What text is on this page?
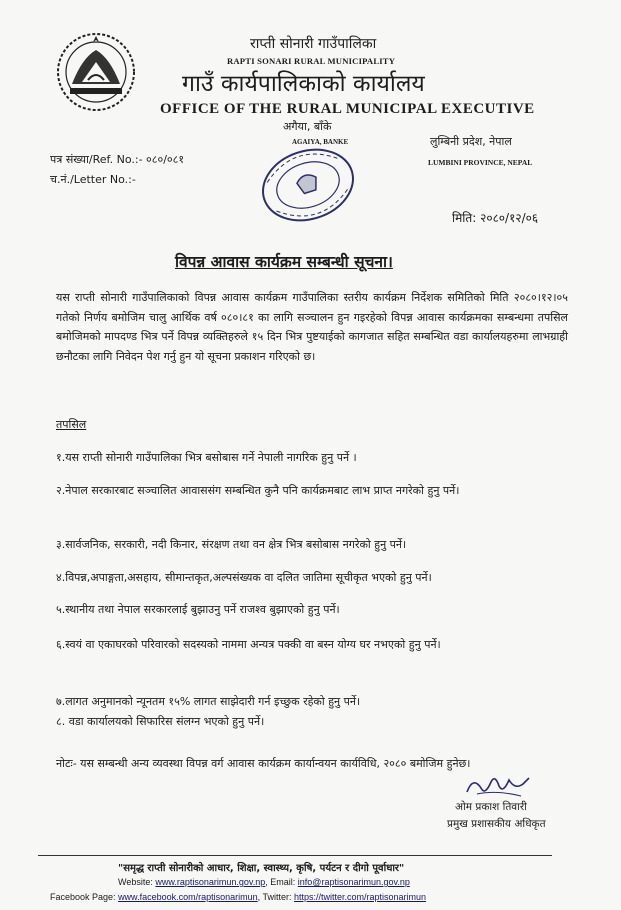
राप्ती सोनारी गाउँपालिका
RAPTI SONARI RURAL MUNICIPALITY
गाउँ कार्यपालिकाको कार्यालय
OFFICE OF THE RURAL MUNICIPAL EXECUTIVE
अगैया, बाँके
AGAIYA, BANKE	लुम्बिनी प्रदेश, नेपाल
LUMBINI PROVINCE, NEPAL
पत्र संख्या/Ref. No.:- ०८०/०८१
च.नं./Letter No.:-
मिति: २०८०/१२/०६
विपन्न आवास कार्यक्रम सम्बन्धी सूचना।
यस राप्ती सोनारी गाउँपालिकाको विपन्न आवास कार्यक्रम गाउँपालिका स्तरीय कार्यक्रम निर्देशक समितिको मिति २०८०।१२।०५ गतेको निर्णय बमोजिम चालु आर्थिक वर्ष ०८०।८१ का लागि सञ्चालन हुन गइरहेको विपन्न आवास कार्यक्रमका सम्बन्धमा तपसिल बमोजिमको मापदण्ड भित्र पर्ने विपन्न व्यक्तिहरुले १५ दिन भित्र पुष्टयाईको कागजात सहित सम्बन्धित वडा कार्यालयहरुमा लाभग्राही छनौटका लागि निवेदन पेश गर्नु हुन यो सूचना प्रकाशन गरिएको छ।
तपसिल
१.यस राप्ती सोनारी गाउँपालिका भित्र बसोबास गर्ने नेपाली नागरिक हुनु पर्ने ।
२.नेपाल सरकारबाट सञ्चालित आवाससंग सम्बन्धित कुनै पनि कार्यक्रमबाट लाभ प्राप्त नगरेको हुनु पर्ने।
३.सार्वजनिक, सरकारी, नदी किनार, संरक्षण तथा वन क्षेत्र भित्र बसोबास नगरेको हुनु पर्ने।
४.विपन्न,अपाङ्गता,असहाय, सीमान्तकृत,अल्पसंख्यक वा दलित जातिमा सूचीकृत भएको हुनु पर्ने।
५.स्थानीय तथा नेपाल सरकारलाई बुझाउनु पर्ने राजश्व बुझाएको हुनु पर्ने।
६.स्वयं वा एकाघरको परिवारको सदस्यको नाममा अन्यत्र पक्की वा बस्न योग्य घर नभएको हुनु पर्ने।
७.लागत अनुमानको न्यूनतम १५% लागत साझेदारी गर्न इच्छुक रहेको हुनु पर्ने।
८. वडा कार्यालयको सिफारिस संलग्न भएको हुनु पर्ने।
नोटः- यस सम्बन्धी अन्य व्यवस्था विपन्न वर्ग आवास कार्यक्रम कार्यान्वयन कार्यविधि, २०८० बमोजिम हुनेछ।
ओम प्रकाश तिवारी
प्रमुख प्रशासकीय अधिकृत
"समृद्ध राप्ती सोनारीको आधार, शिक्षा, स्वास्थ्य, कृषि, पर्यटन र दीगो पूर्वाधार"
Website: www.raptisonarimun.gov.np, Email: info@raptisonarimun.gov.np
Facebook Page: www.facebook.com/raptisonarimun, Twitter: https://twitter.com/raptisonarimun
